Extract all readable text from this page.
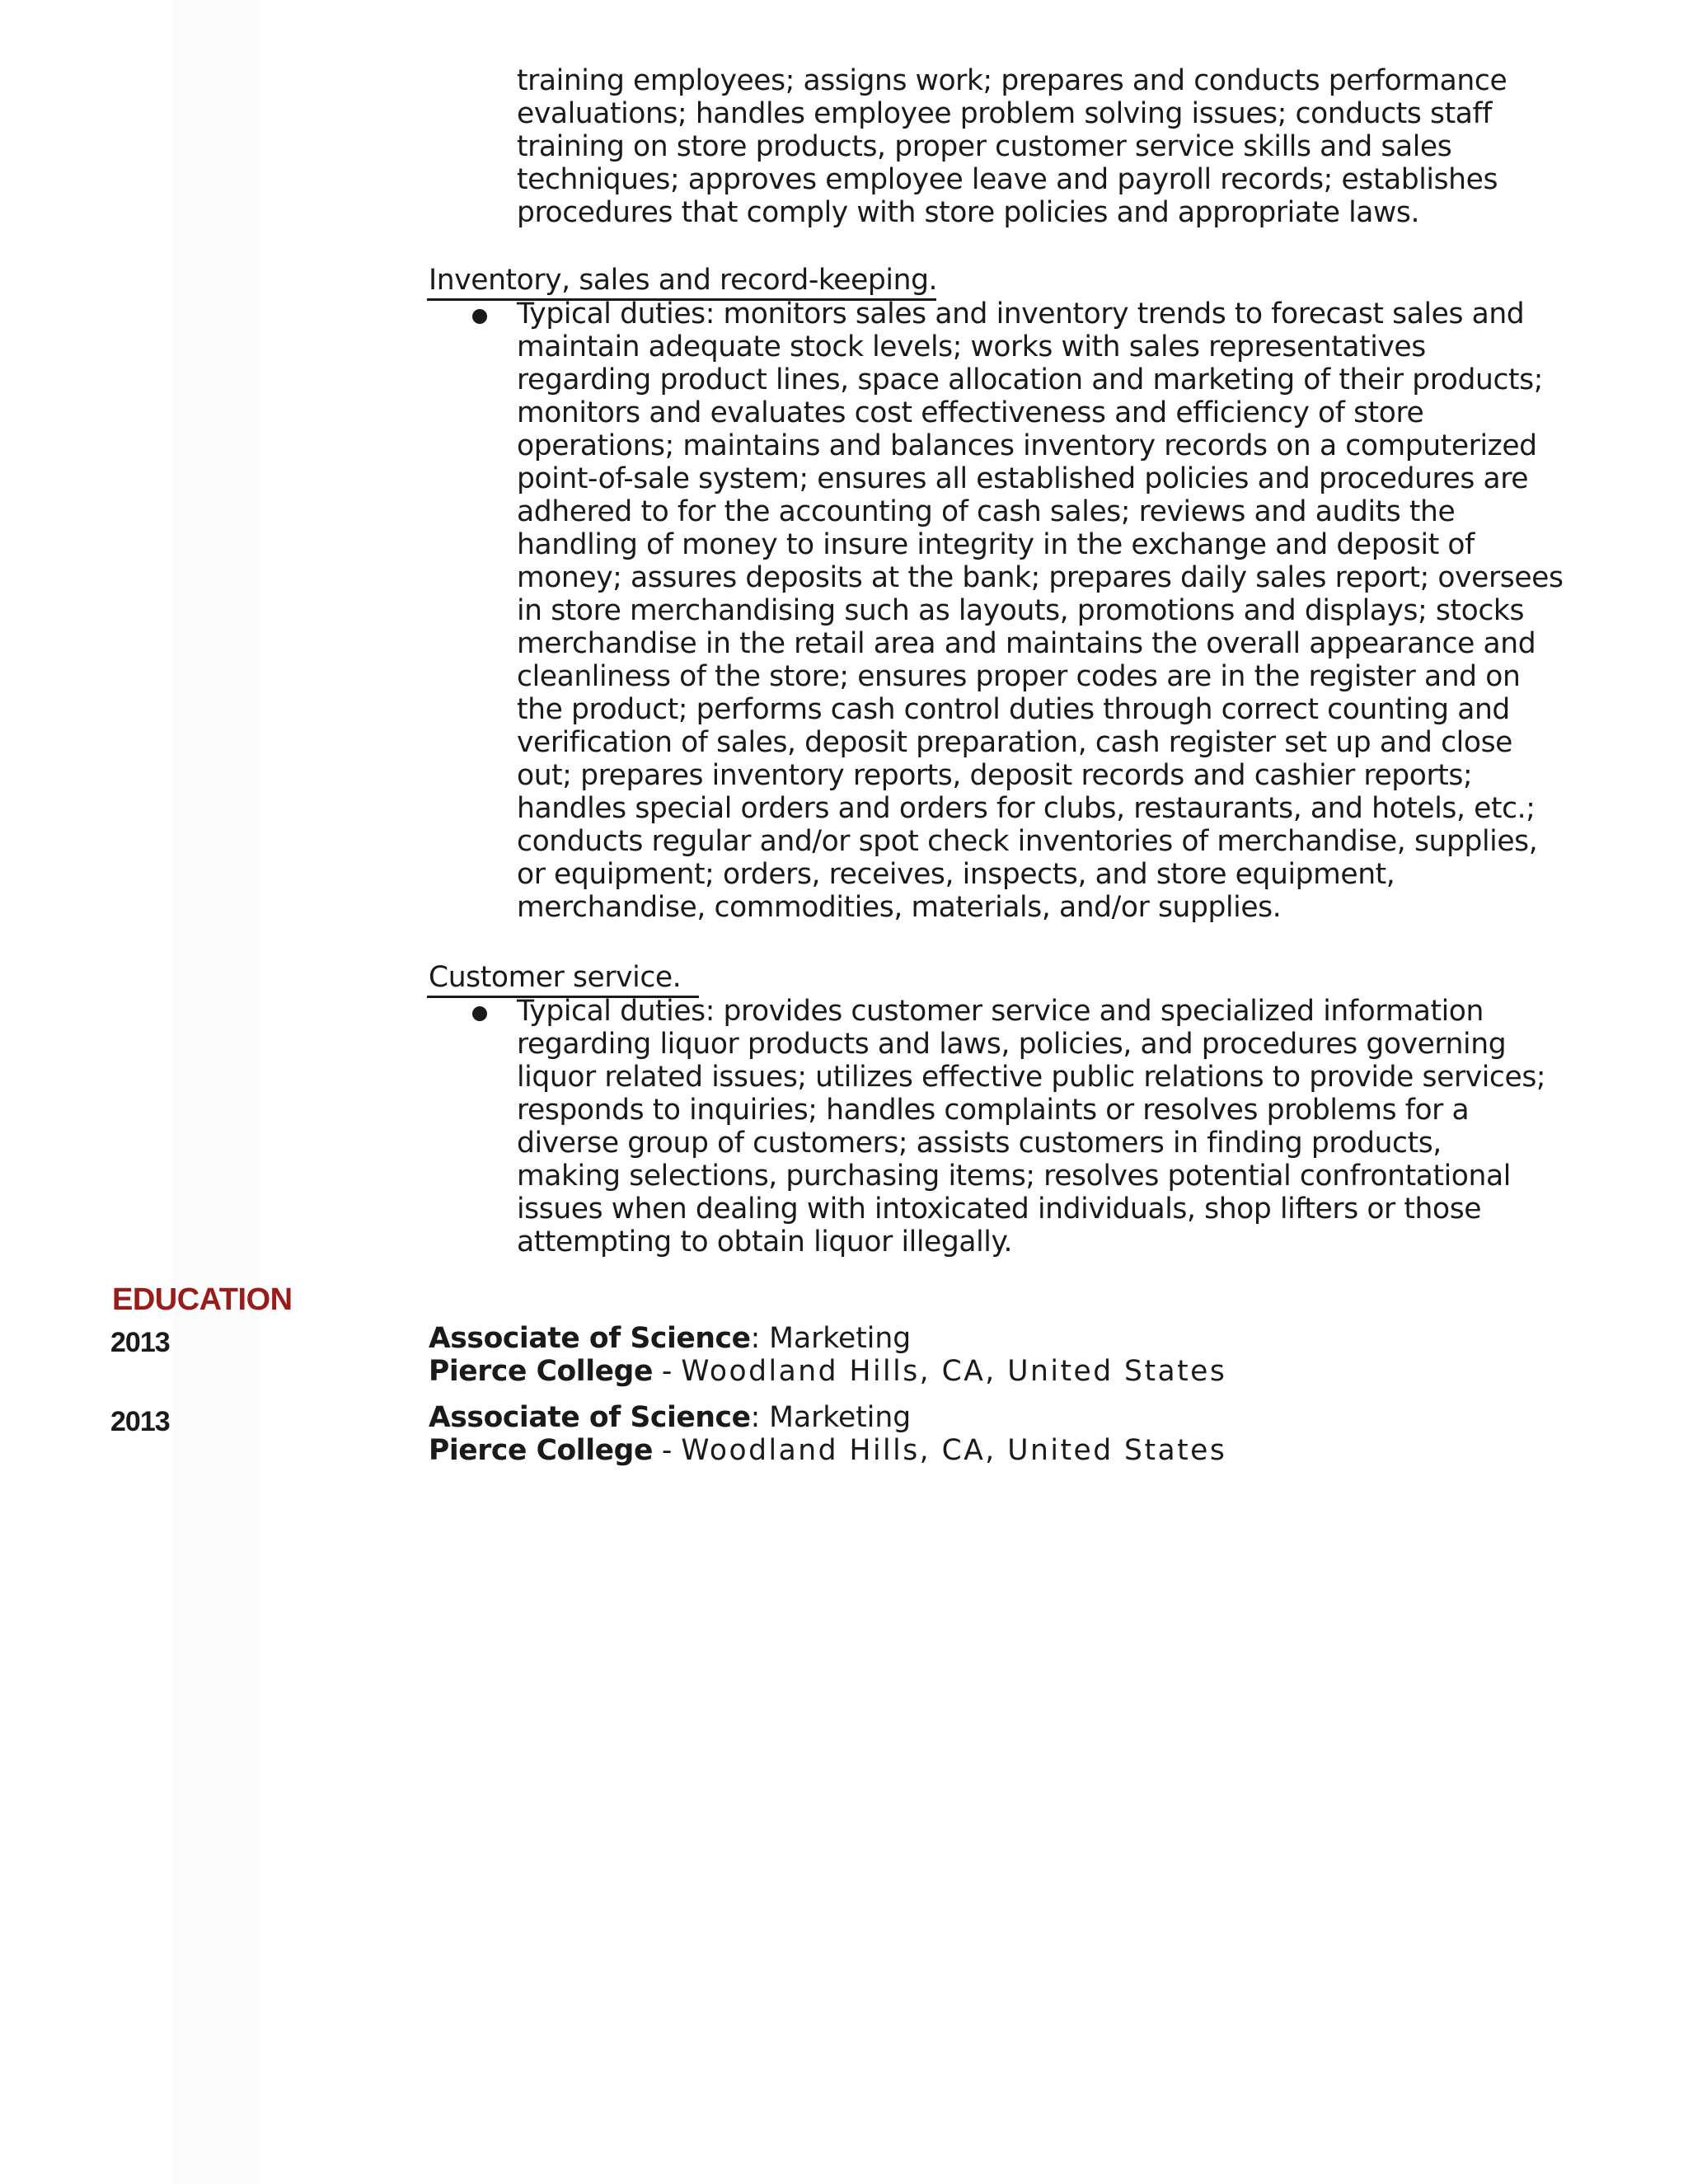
training employees; assigns work; prepares and conducts performance
evaluations; handles employee problem solving issues; conducts staff
training on store products, proper customer service skills and sales
techniques; approves employee leave and payroll records; establishes
procedures that comply with store policies and appropriate laws.

Inventory, sales and record-keeping.

Typical duties: monitors sales and inventory trends to forecast sales and
maintain adequate stock levels; works with sales representatives
regarding product lines, space allocation and marketing of their products;
monitors and evaluates cost effectiveness and efficiency of store
operations; maintains and balances inventory records on a computerized
point-of-sale system; ensures all established policies and procedures are
adhered to for the accounting of cash sales; reviews and audits the
handling of money to insure integrity in the exchange and deposit of
money; assures deposits at the bank; prepares daily sales report; oversees
in store merchandising such as layouts, promotions and displays; stocks
merchandise in the retail area and maintains the overall appearance and
cleanliness of the store; ensures proper codes are in the register and on
the product; performs cash control duties through correct counting and
verification of sales, deposit preparation, cash register set up and close
out; prepares inventory reports, deposit records and cashier reports;
handles special orders and orders for clubs, restaurants, and hotels, etc.;
conducts regular and/or spot check inventories of merchandise, supplies,
or equipment; orders, receives, inspects, and store equipment,
merchandise, commodities, materials, and/or supplies.

Customer service.

Typical duties: provides customer service and specialized information
regarding liquor products and laws, policies, and procedures governing
liquor related issues; utilizes effective public relations to provide services;
responds to inquiries; handles complaints or resolves problems for a
diverse group of customers; assists customers in finding products,
making selections, purchasing items; resolves potential confrontational
issues when dealing with intoxicated individuals, shop lifters or those
attempting to obtain liquor illegally.

EDUCATION
2013	Associate of Science: Marketing
Pierce College - Woodland Hills, CA, United States
2013	Associate of Science: Marketing
Pierce College - Woodland Hills, CA, United States
